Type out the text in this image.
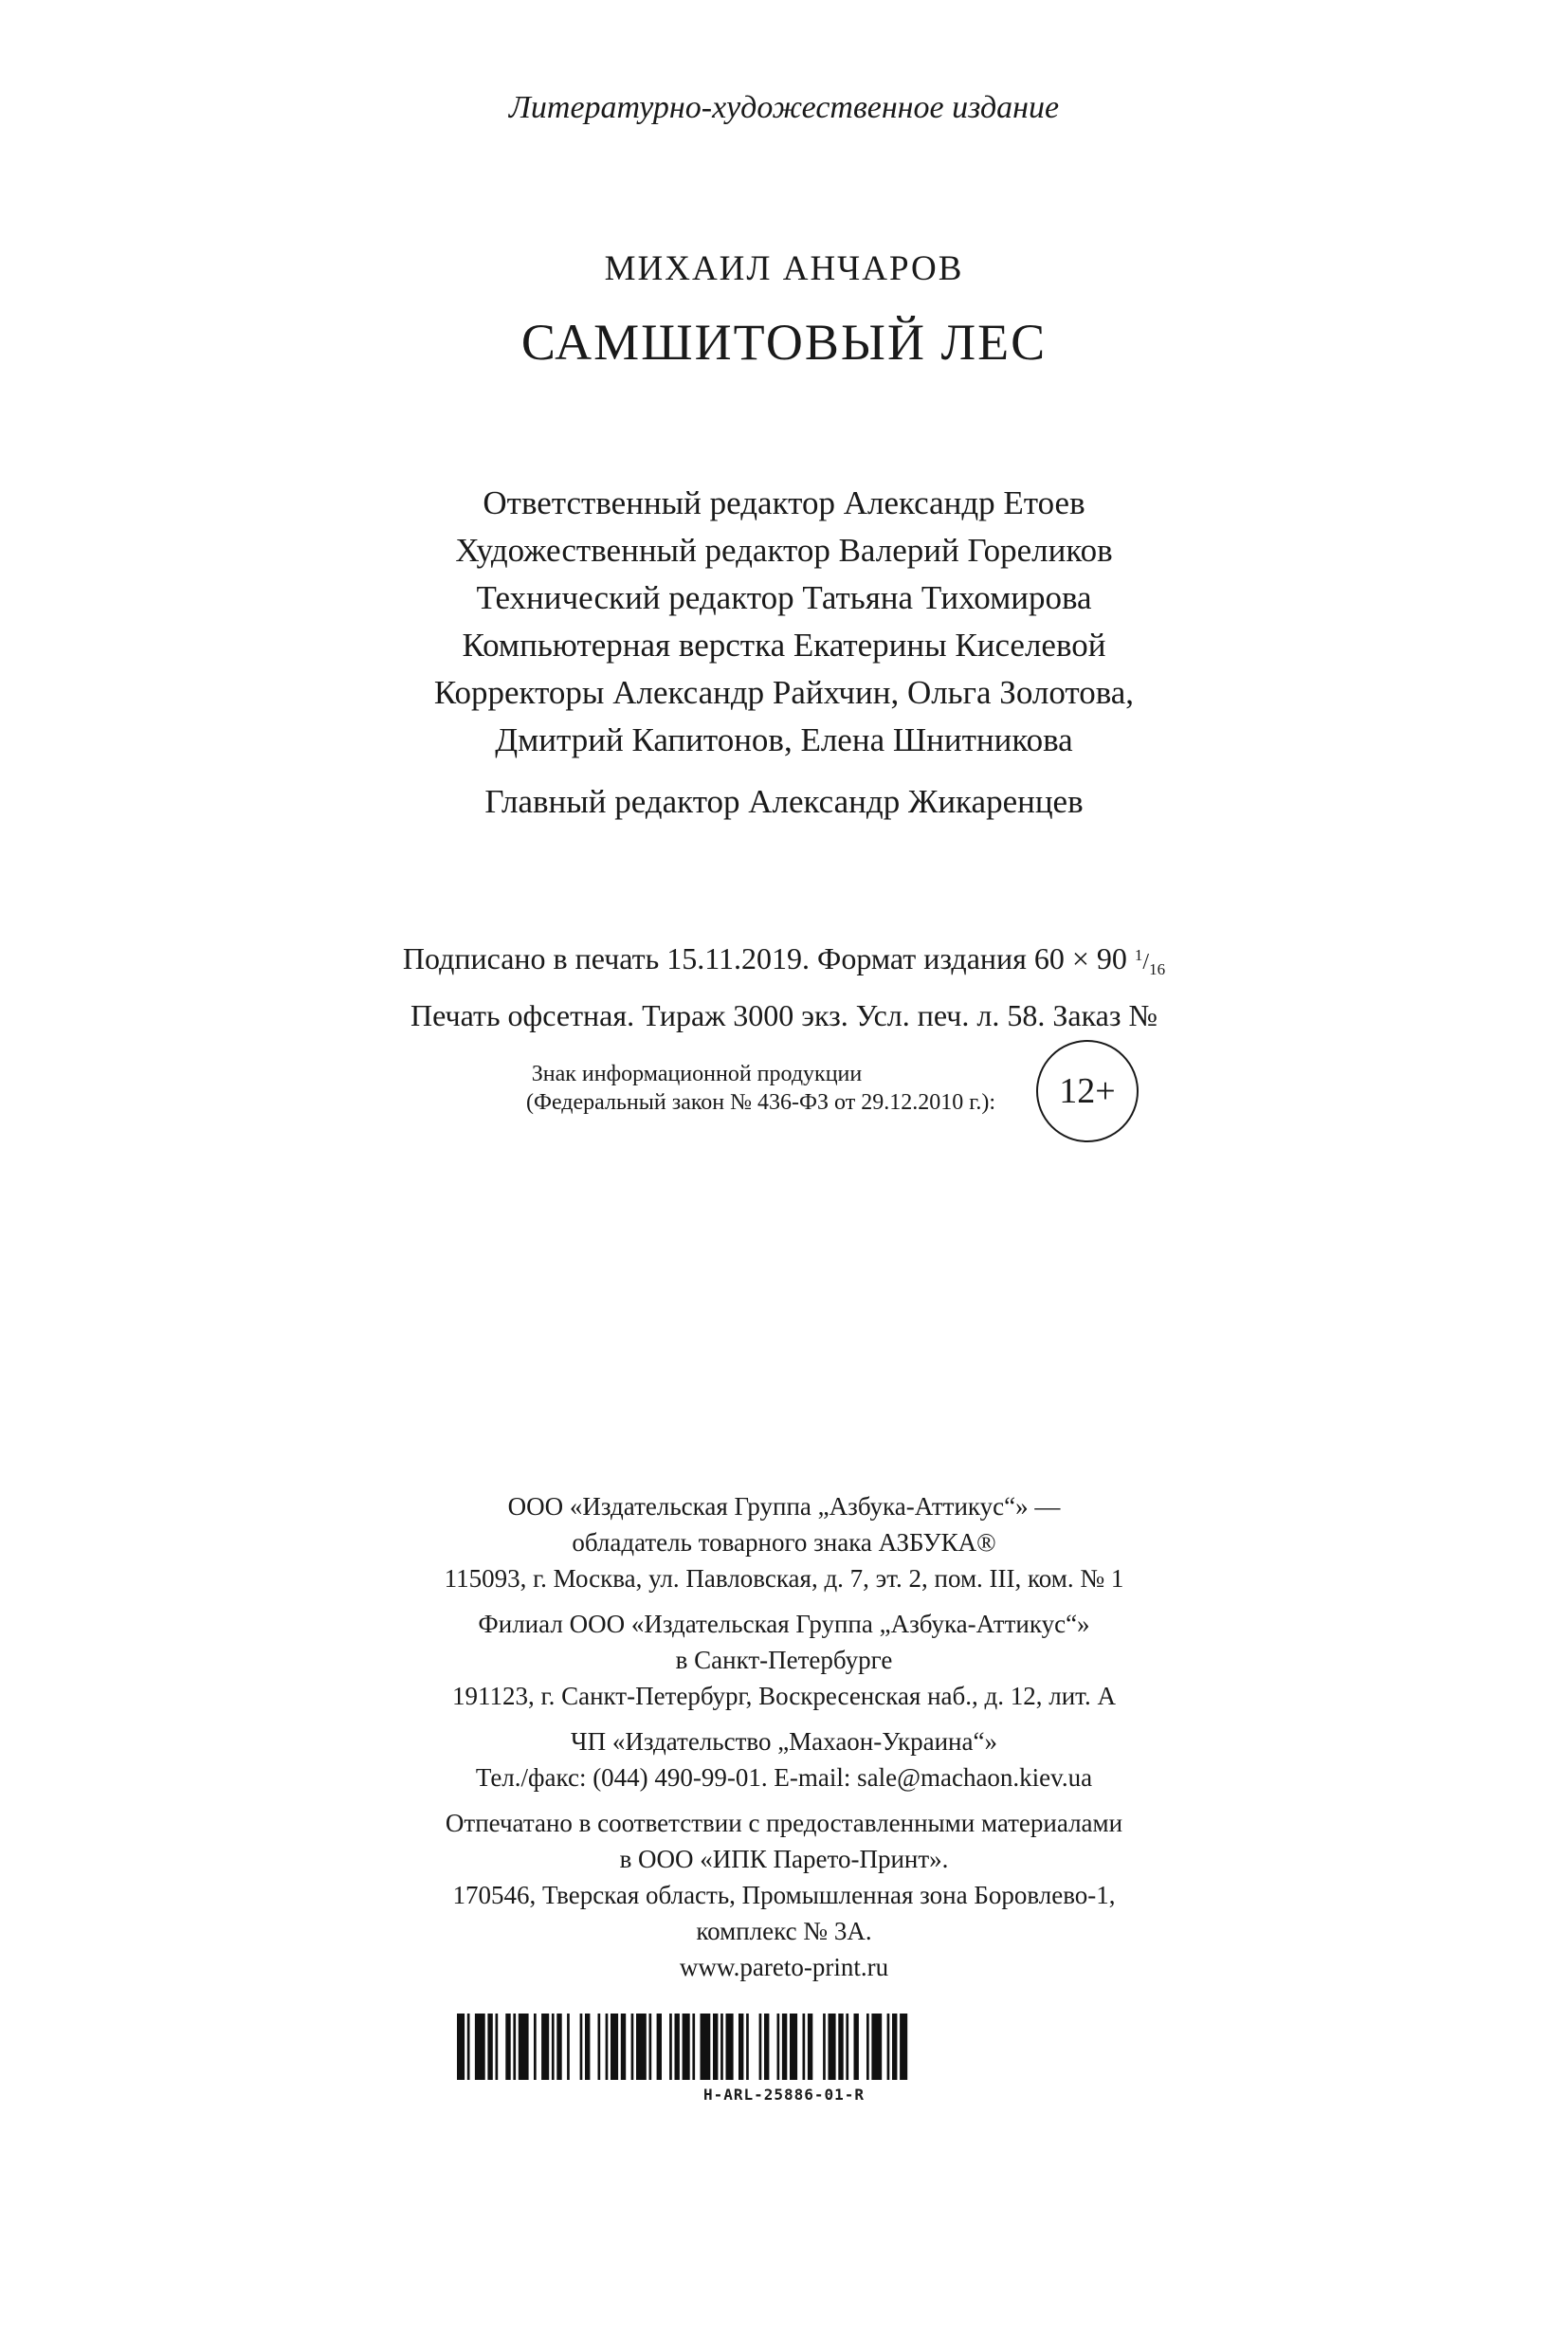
Литературно-художественное издание
МИХАИЛ АНЧАРОВ
САМШИТОВЫЙ ЛЕС
Ответственный редактор Александр Етоев
Художественный редактор Валерий Гореликов
Технический редактор Татьяна Тихомирова
Компьютерная верстка Екатерины Киселевой
Корректоры Александр Райхчин, Ольга Золотова,
Дмитрий Капитонов, Елена Шнитникова
Главный редактор Александр Жикаренцев
Подписано в печать 15.11.2019. Формат издания 60 × 90 $^1/_{16}$
Печать офсетная. Тираж 3000 экз. Усл. печ. л. 58. Заказ №
Знак информационной продукции
(Федеральный закон № 436-ФЗ от 29.12.2010 г.): 12+
ООО «Издательская Группа „Азбука-Аттикус“» —
обладатель товарного знака АЗБУКА®
115093, г. Москва, ул. Павловская, д. 7, эт. 2, пом. III, ком. № 1
Филиал ООО «Издательская Группа „Азбука-Аттикус“»
в Санкт-Петербурге
191123, г. Санкт-Петербург, Воскресенская наб., д. 12, лит. А
ЧП «Издательство „Махаон-Украина“»
Тел./факс: (044) 490-99-01. E-mail: sale@machaon.kiev.ua
Отпечатано в соответствии с предоставленными материалами
в ООО «ИПК Парето-Принт».
170546, Тверская область, Промышленная зона Боровлево-1,
комплекс № 3А.
www.pareto-print.ru
H-ARL-25886-01-R
